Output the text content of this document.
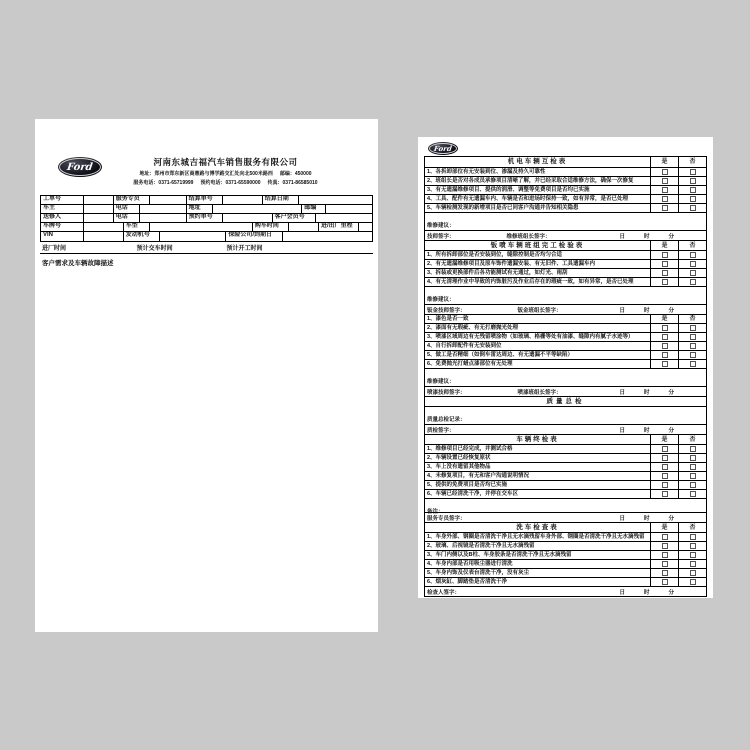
Ford	河南东城吉福汽车销售服务有限公司
地址：郑州市郑东新区商鼎路与博学路交汇处向北500米路西 邮编：450000
服务电话：0371-65719999 预约电话：0371-65590000 传真：0371-86585010
工单号	服务专员	结算单号	结算日期
车主	电话	地址	邮编
送修人	电话	预约单号	客户会员号
车牌号	车型	购车时间	进/出厂里程
VIN	发动机号	保险公司/到期日
进厂时间	预计交车时间	预计开工时间
客户需求及车辆故障描述
Ford
机电车辆互检表	是	否
1、各拆卸部位有无安装到位、渗漏及持久可靠性
2、班组长是否对各成员承修项目清晰了解，并已经采取合适维修方法，确保一次修复
3、有无遗漏维修项目、提供的润滑、调整等免费项目是否均已实施
4、工具、配件有无遗漏车内、车辆是否和进场时保持一致，如有异常，是否已处理
5、车辆检测发现的新增项目是否已同客户沟通并告知相关隐患
维修建议：
技师签字：	维修班组长签字：	日	时	分
钣喷车辆班组完工检验表	是	否
1、所有拆卸部位是否安装到位，缝隙控制是否均匀合适
2、有无遗漏维修项目及原车饰件遗漏安装、有无旧件、工具遗漏车内
3、拆装或更换部件后各功能测试有无通过，如灯光、雨刮
4、有无清理作业中导致的内饰脏污及作业后存在的瑕疵一致，如有异常，是否已处理
维修建议：
钣金技师签字：	钣金班组长签字：	日	时	分
1、漆色是否一致	是	否
2、漆面有无瑕疵、有无打磨抛光处理
3、喷漆区域周边有无残留喷涂物（如玻璃、格栅等处有油漆、缝隙内有腻子水迹等）
4、自行拆卸配件有无安装到位
5、做工是否精细（如倒车雷达周边、有无遗漏不平等缺陷）
6、免费抛光打蜡点漆部位有无处理
维修建议：
喷漆技师签字：	喷漆班组长签字：	日	时	分
质量总检
质量总检记录：
质检签字：	日	时	分
车辆终检表	是	否
1、维修项目已经完成，并测试合格
2、车辆设置已经恢复原状
3、车上没有遗留其他物品
4、未修复项目，有无和客户沟通说明情况
5、提供的免费项目是否均已实施
6、车辆已经清洗干净，并停在交车区
备注：
服务专员签字：	日	时	分
洗车检查表	是	否
1、车身外部、钢圈是否清洗干净且无水滴残留车身外部、钢圈是否清洗干净且无水滴残留
2、玻璃、后视镜是否清洗干净且无水滴残留
3、车门内侧以及B柱、车身胶条是否清洗干净且无水滴残留
4、车身内部是否用吸尘器进行清洗
5、车身内饰及仪表台清洗干净，没有灰尘
6、烟灰缸、脚踏垫是否清洗干净
检查人签字：	日	时	分
